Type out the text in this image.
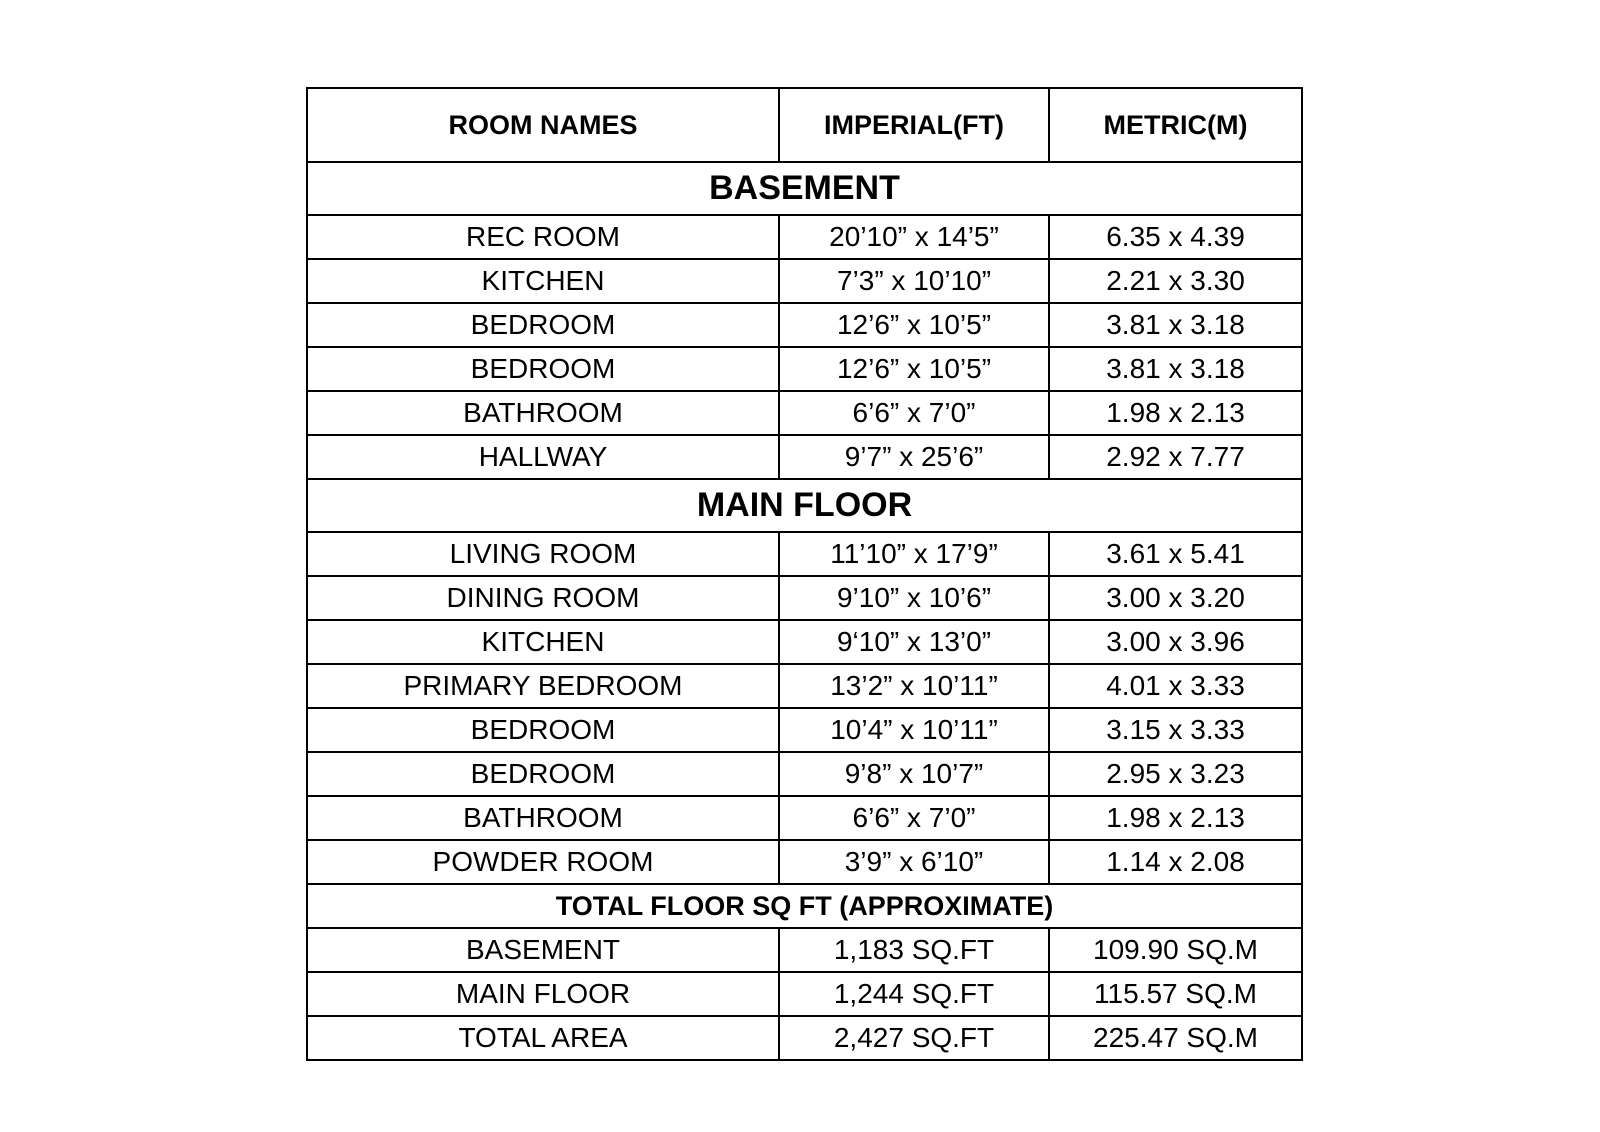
ROOM NAMES	IMPERIAL(FT)	METRIC(M)
BASEMENT		
REC ROOM	20’10” x 14’5”	6.35 x 4.39
KITCHEN	7’3” x 10’10”	2.21 x 3.30
BEDROOM	12’6” x 10’5”	3.81 x 3.18
BEDROOM	12’6” x 10’5”	3.81 x 3.18
BATHROOM	6’6” x 7’0”	1.98 x 2.13
HALLWAY	9’7” x 25’6”	2.92 x 7.77
MAIN FLOOR		
LIVING ROOM	11’10” x 17’9”	3.61 x 5.41
DINING ROOM	9’10” x 10’6”	3.00 x 3.20
KITCHEN	9‘10” x 13’0”	3.00 x 3.96
PRIMARY BEDROOM	13’2” x 10’11”	4.01 x 3.33
BEDROOM	10’4” x 10’11”	3.15 x 3.33
BEDROOM	9’8” x 10’7”	2.95 x 3.23
BATHROOM	6’6” x 7’0”	1.98 x 2.13
POWDER ROOM	3’9” x 6’10”	1.14 x 2.08
TOTAL FLOOR SQ FT (APPROXIMATE)		
BASEMENT	1,183 SQ.FT	109.90 SQ.M
MAIN FLOOR	1,244 SQ.FT	115.57 SQ.M
TOTAL AREA	2,427 SQ.FT	225.47 SQ.M
